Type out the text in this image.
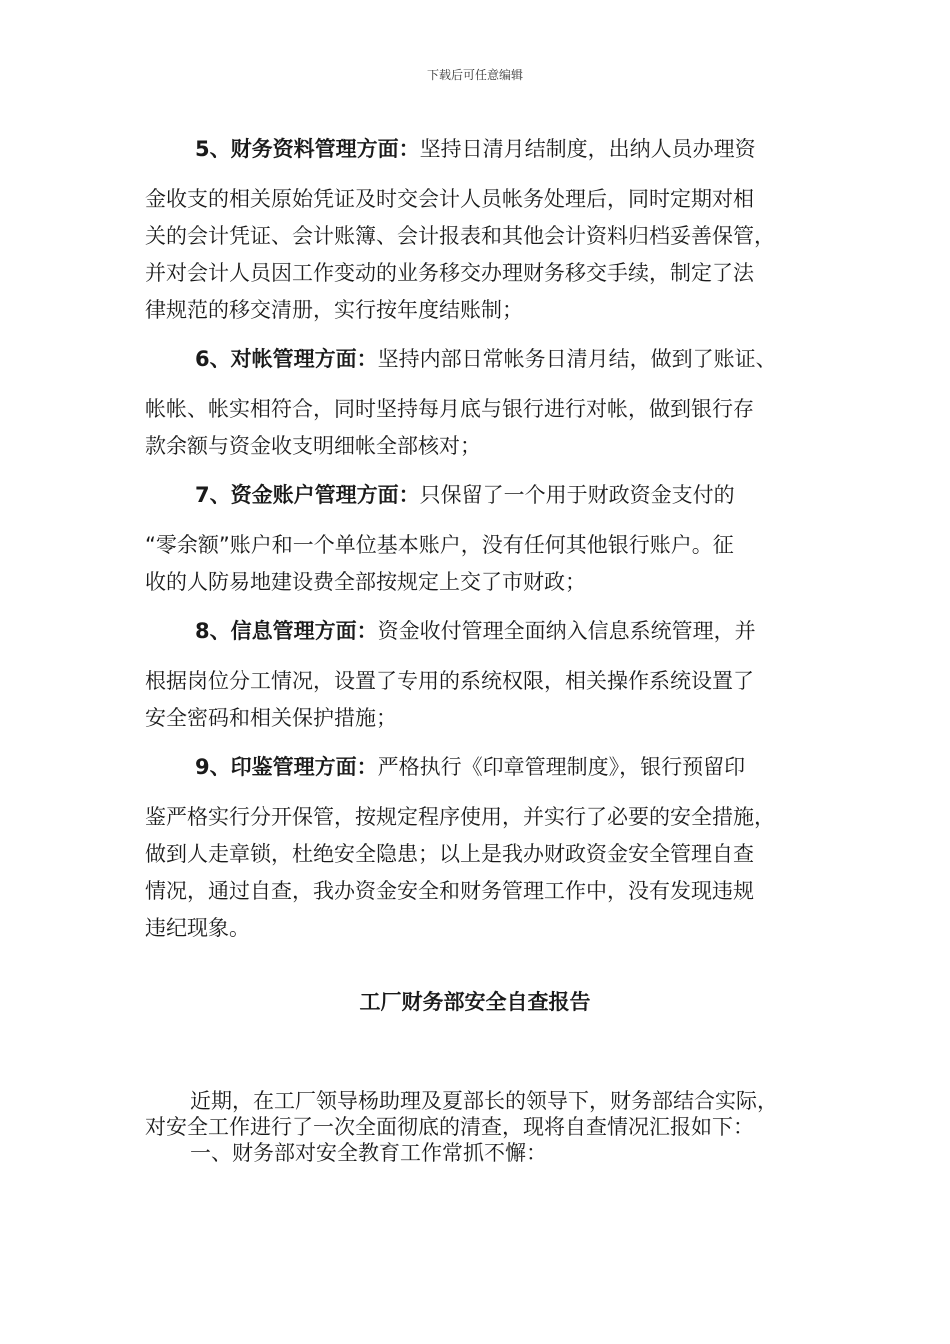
下载后可任意编辑
5、财务资料管理方面：坚持日清月结制度，出纳人员办理资
金收支的相关原始凭证及时交会计人员帐务处理后，同时定期对相
关的会计凭证、会计账簿、会计报表和其他会计资料归档妥善保管，
并对会计人员因工作变动的业务移交办理财务移交手续，制定了法
律规范的移交清册，实行按年度结账制；
6、对帐管理方面：坚持内部日常帐务日清月结，做到了账证、
帐帐、帐实相符合，同时坚持每月底与银行进行对帐，做到银行存
款余额与资金收支明细帐全部核对；
7、资金账户管理方面：只保留了一个用于财政资金支付的
“零余额”账户和一个单位基本账户，没有任何其他银行账户。征
收的人防易地建设费全部按规定上交了市财政；
8、信息管理方面：资金收付管理全面纳入信息系统管理，并
根据岗位分工情况，设置了专用的系统权限，相关操作系统设置了
安全密码和相关保护措施；
9、印鉴管理方面：严格执行《印章管理制度》，银行预留印
鉴严格实行分开保管，按规定程序使用，并实行了必要的安全措施，
做到人走章锁，杜绝安全隐患；以上是我办财政资金安全管理自查
情况，通过自查，我办资金安全和财务管理工作中，没有发现违规
违纪现象。
工厂财务部安全自查报告
近期，在工厂领导杨助理及夏部长的领导下，财务部结合实际，
对安全工作进行了一次全面彻底的清查，现将自查情况汇报如下：
一、财务部对安全教育工作常抓不懈：
